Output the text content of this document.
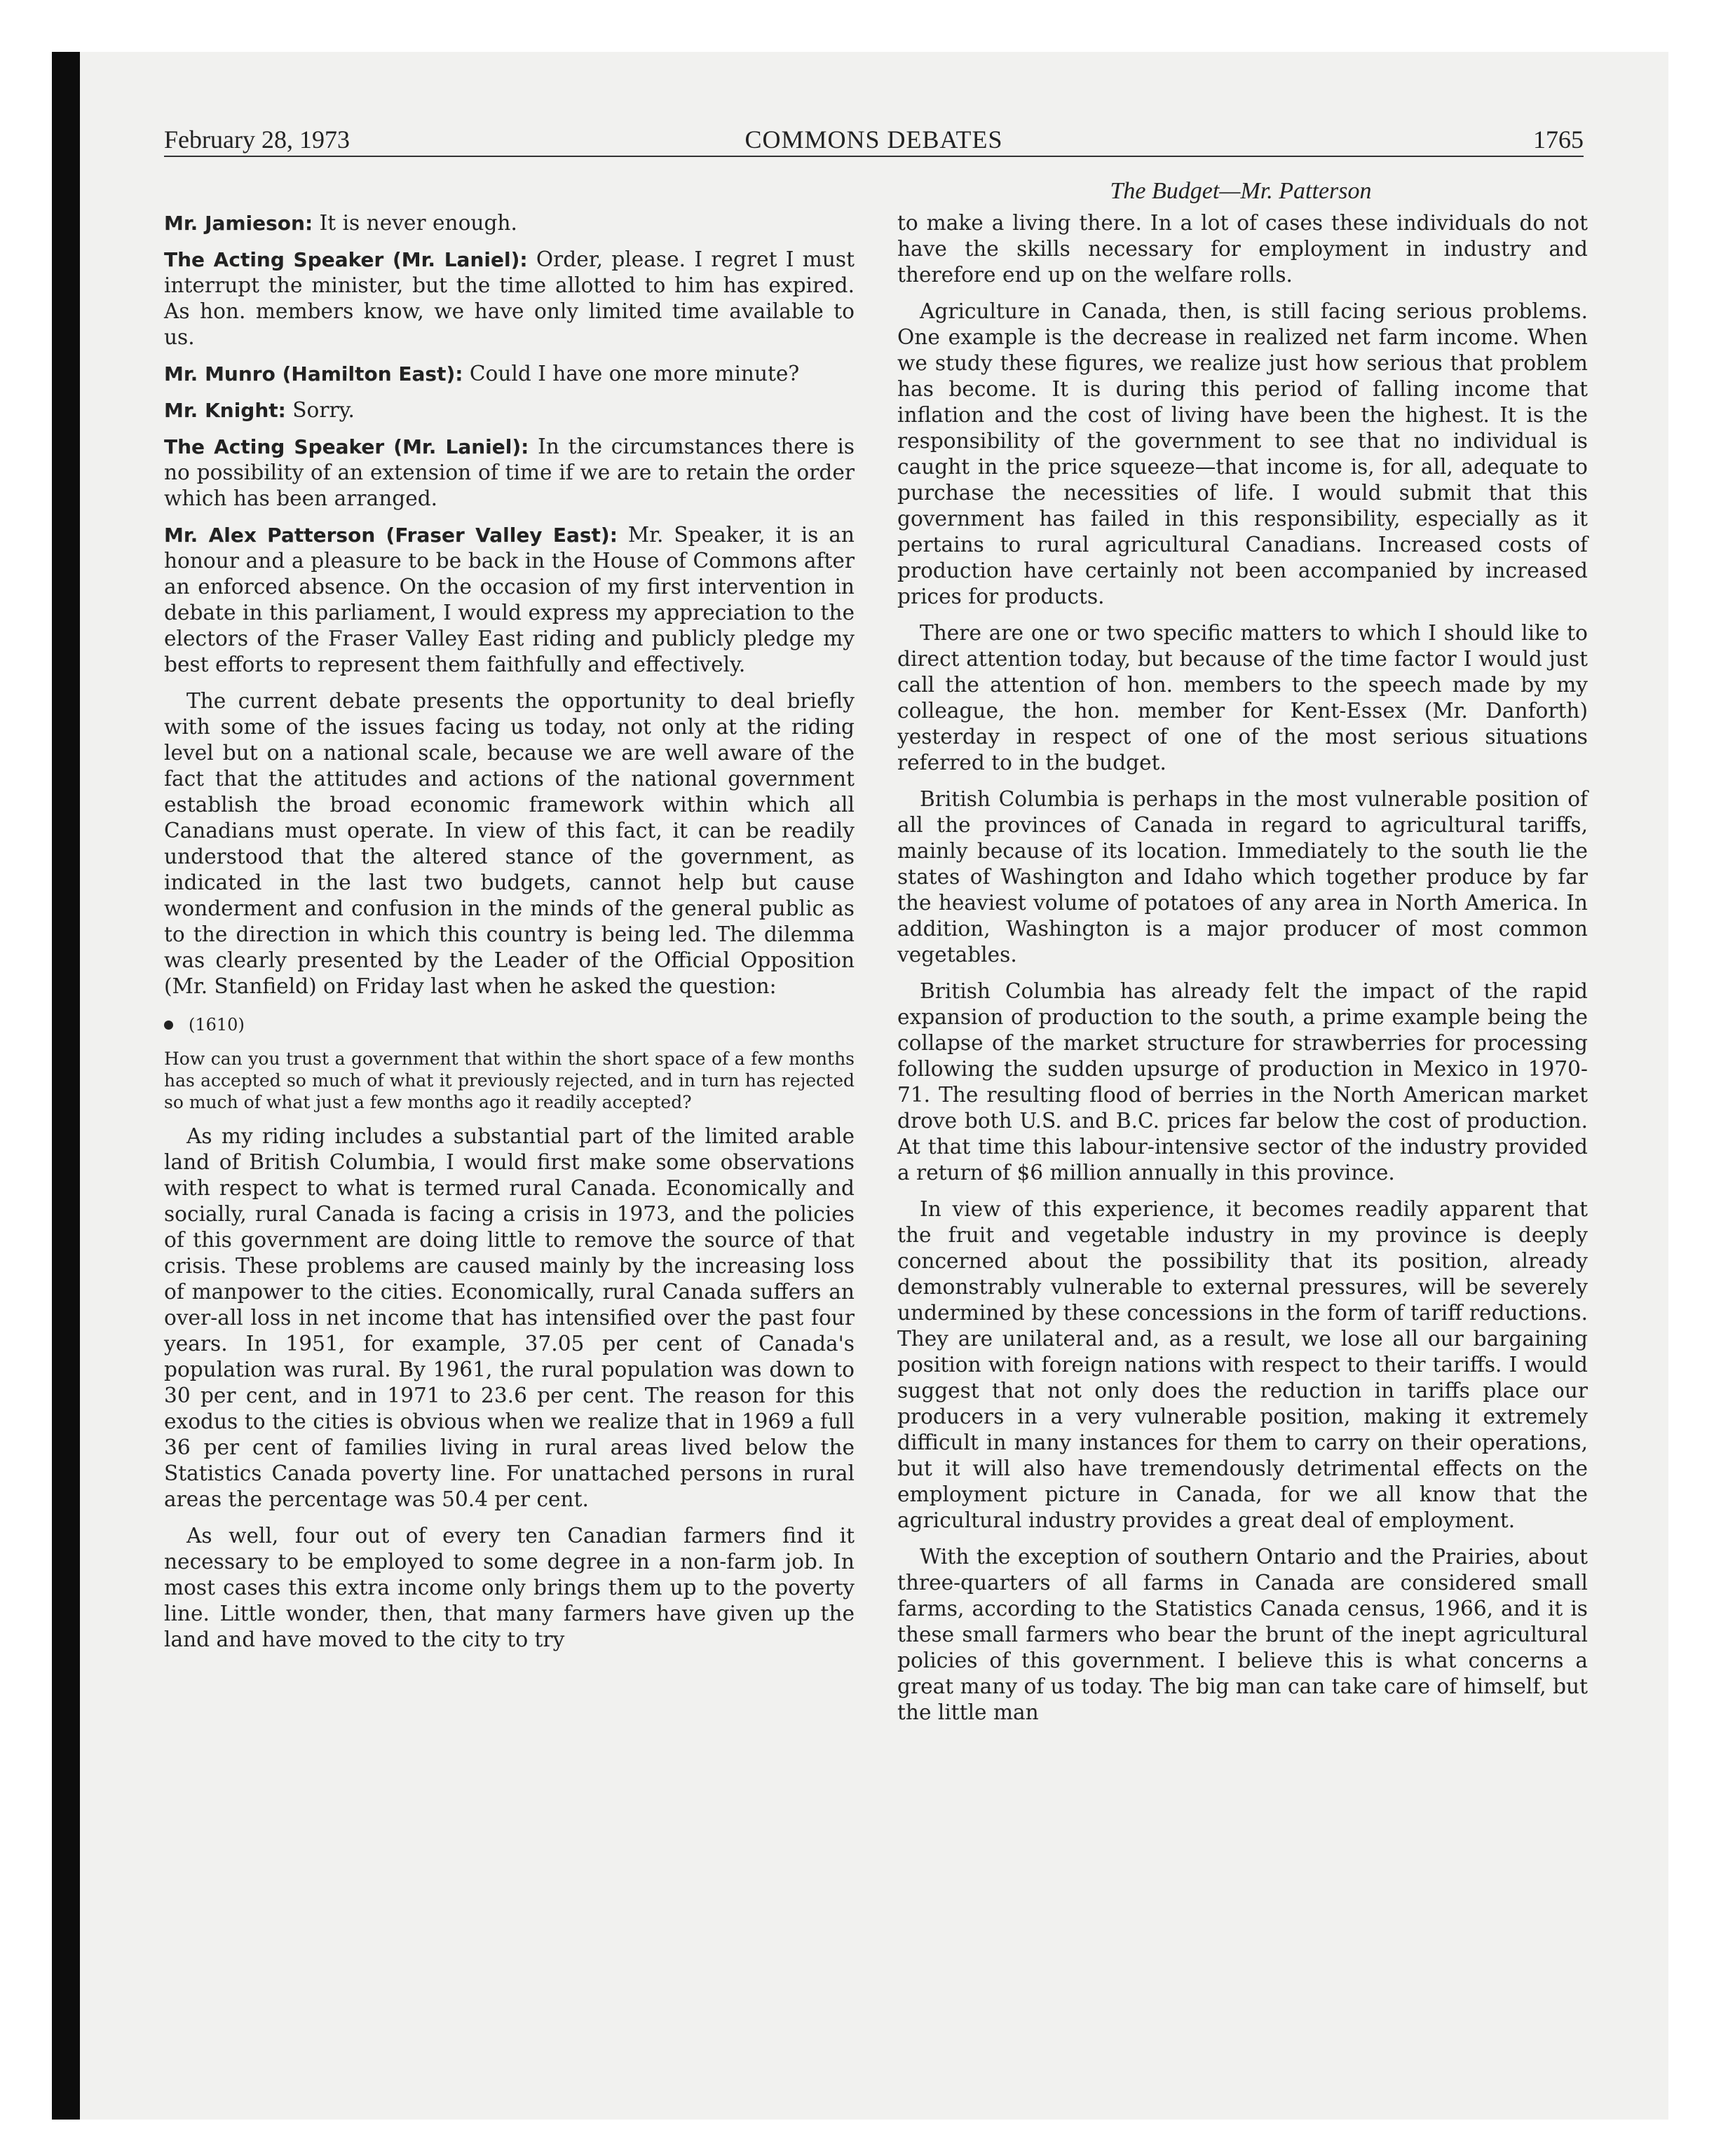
February 28, 1973	COMMONS DEBATES	1765
The Budget—Mr. Patterson

Mr. Jamieson: It is never enough.

The Acting Speaker (Mr. Laniel): Order, please. I regret I must interrupt the minister, but the time allotted to him has expired. As hon. members know, we have only limited time available to us.

Mr. Munro (Hamilton East): Could I have one more minute?

Mr. Knight: Sorry.

The Acting Speaker (Mr. Laniel): In the circumstances there is no possibility of an extension of time if we are to retain the order which has been arranged.

Mr. Alex Patterson (Fraser Valley East): Mr. Speaker, it is an honour and a pleasure to be back in the House of Commons after an enforced absence. On the occasion of my first intervention in debate in this parliament, I would express my appreciation to the electors of the Fraser Valley East riding and publicly pledge my best efforts to represent them faithfully and effectively.

The current debate presents the opportunity to deal briefly with some of the issues facing us today, not only at the riding level but on a national scale, because we are well aware of the fact that the attitudes and actions of the national government establish the broad economic framework within which all Canadians must operate. In view of this fact, it can be readily understood that the altered stance of the government, as indicated in the last two budgets, cannot help but cause wonderment and confusion in the minds of the general public as to the direction in which this country is being led. The dilemma was clearly presented by the Leader of the Official Opposition (Mr. Stanfield) on Friday last when he asked the question:

(1610)

How can you trust a government that within the short space of a few months has accepted so much of what it previously rejected, and in turn has rejected so much of what just a few months ago it readily accepted?

As my riding includes a substantial part of the limited arable land of British Columbia, I would first make some observations with respect to what is termed rural Canada. Economically and socially, rural Canada is facing a crisis in 1973, and the policies of this government are doing little to remove the source of that crisis. These problems are caused mainly by the increasing loss of manpower to the cities. Economically, rural Canada suffers an over-all loss in net income that has intensified over the past four years. In 1951, for example, 37.05 per cent of Canada's population was rural. By 1961, the rural population was down to 30 per cent, and in 1971 to 23.6 per cent. The reason for this exodus to the cities is obvious when we realize that in 1969 a full 36 per cent of families living in rural areas lived below the Statistics Canada poverty line. For unattached persons in rural areas the percentage was 50.4 per cent.

As well, four out of every ten Canadian farmers find it necessary to be employed to some degree in a non-farm job. In most cases this extra income only brings them up to the poverty line. Little wonder, then, that many farmers have given up the land and have moved to the city to try

to make a living there. In a lot of cases these individuals do not have the skills necessary for employment in industry and therefore end up on the welfare rolls.

Agriculture in Canada, then, is still facing serious problems. One example is the decrease in realized net farm income. When we study these figures, we realize just how serious that problem has become. It is during this period of falling income that inflation and the cost of living have been the highest. It is the responsibility of the government to see that no individual is caught in the price squeeze—that income is, for all, adequate to purchase the necessities of life. I would submit that this government has failed in this responsibility, especially as it pertains to rural agricultural Canadians. Increased costs of production have certainly not been accompanied by increased prices for products.

There are one or two specific matters to which I should like to direct attention today, but because of the time factor I would just call the attention of hon. members to the speech made by my colleague, the hon. member for Kent-Essex (Mr. Danforth) yesterday in respect of one of the most serious situations referred to in the budget.

British Columbia is perhaps in the most vulnerable position of all the provinces of Canada in regard to agricultural tariffs, mainly because of its location. Immediately to the south lie the states of Washington and Idaho which together produce by far the heaviest volume of potatoes of any area in North America. In addition, Washington is a major producer of most common vegetables.

British Columbia has already felt the impact of the rapid expansion of production to the south, a prime example being the collapse of the market structure for strawberries for processing following the sudden upsurge of production in Mexico in 1970-71. The resulting flood of berries in the North American market drove both U.S. and B.C. prices far below the cost of production. At that time this labour-intensive sector of the industry provided a return of $6 million annually in this province.

In view of this experience, it becomes readily apparent that the fruit and vegetable industry in my province is deeply concerned about the possibility that its position, already demonstrably vulnerable to external pressures, will be severely undermined by these concessions in the form of tariff reductions. They are unilateral and, as a result, we lose all our bargaining position with foreign nations with respect to their tariffs. I would suggest that not only does the reduction in tariffs place our producers in a very vulnerable position, making it extremely difficult in many instances for them to carry on their operations, but it will also have tremendously detrimental effects on the employment picture in Canada, for we all know that the agricultural industry provides a great deal of employment.

With the exception of southern Ontario and the Prairies, about three-quarters of all farms in Canada are considered small farms, according to the Statistics Canada census, 1966, and it is these small farmers who bear the brunt of the inept agricultural policies of this government. I believe this is what concerns a great many of us today. The big man can take care of himself, but the little man
